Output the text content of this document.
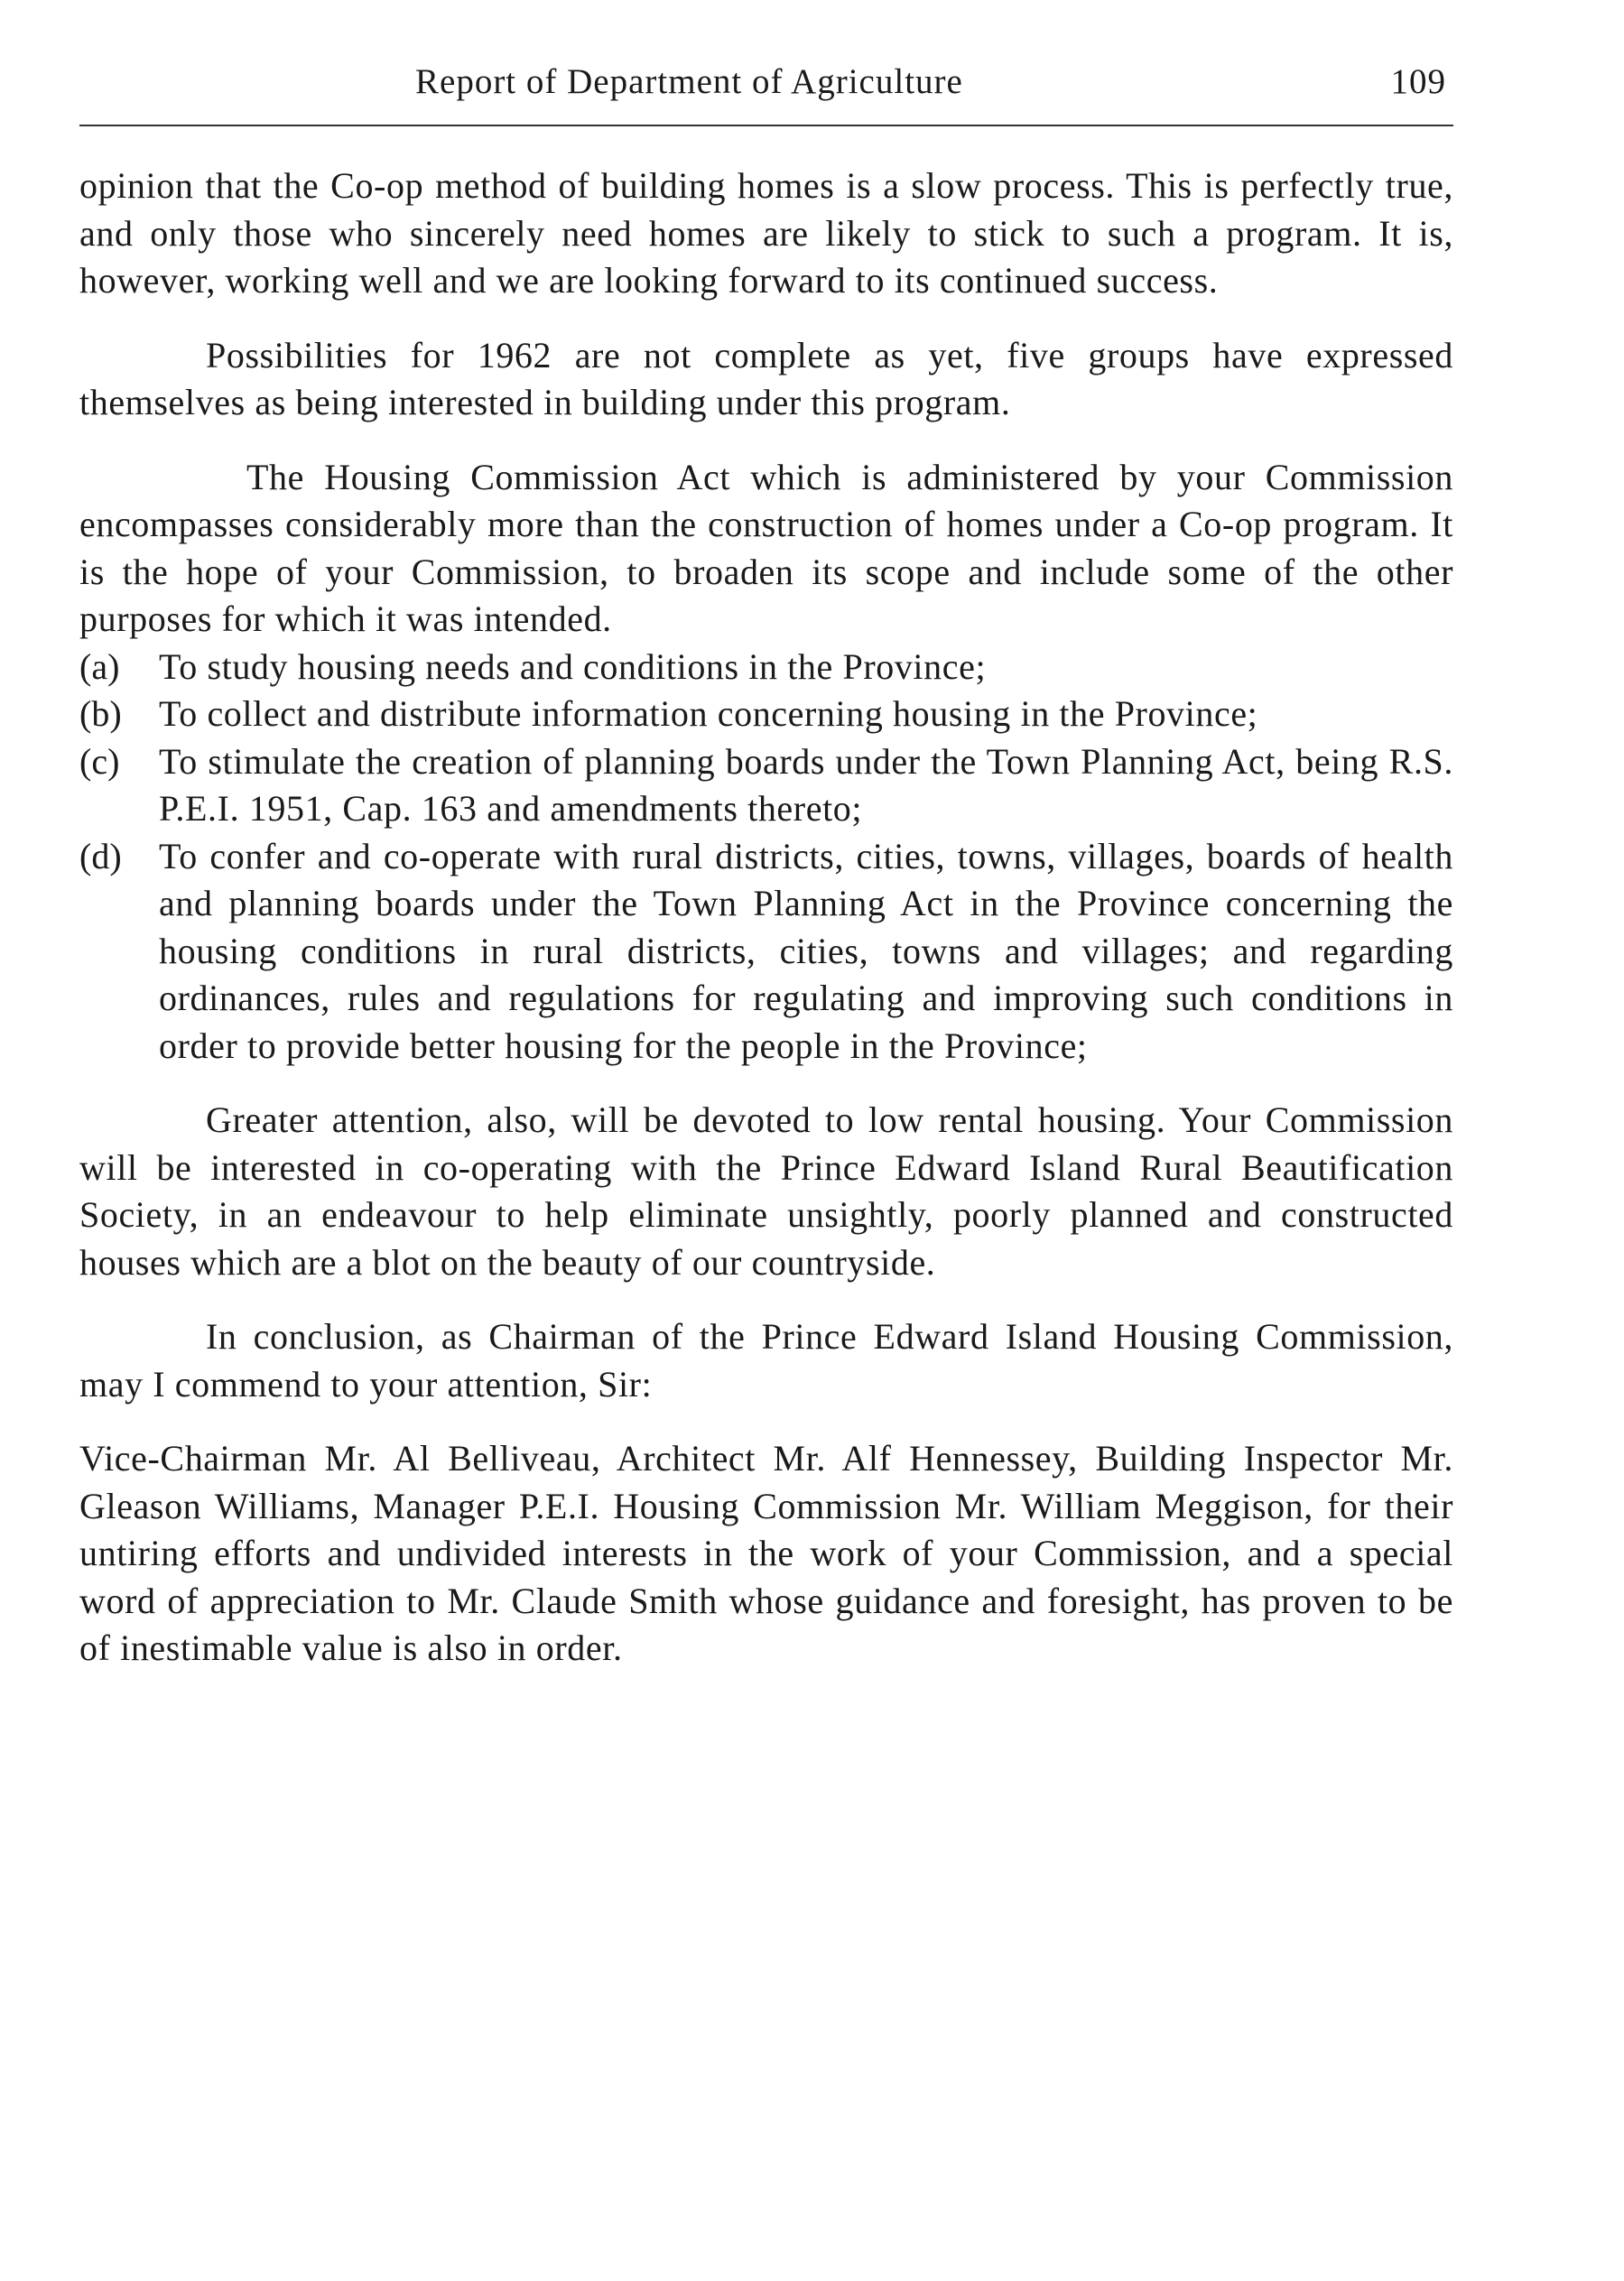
Report of Department of Agriculture	109

opinion that the Co-op method of building homes is a slow process. This is perfectly true, and only those who sincerely need homes are likely to stick to such a program. It is, however, working well and we are looking forward to its continued success.

Possibilities for 1962 are not complete as yet, five groups have expressed themselves as being interested in building under this program.

The Housing Commission Act which is administered by your Commission encompasses considerably more than the construction of homes under a Co-op program. It is the hope of your Commission, to broaden its scope and include some of the other purposes for which it was intended.

(a)	To study housing needs and conditions in the Province;
(b)	To collect and distribute information concerning housing in the Province;
(c)	To stimulate the creation of planning boards under the Town Planning Act, being R.S. P.E.I. 1951, Cap. 163 and amendments thereto;
(d)	To confer and co-operate with rural districts, cities, towns, villages, boards of health and planning boards under the Town Planning Act in the Province concerning the housing conditions in rural districts, cities, towns and villages; and regarding ordinances, rules and regulations for regulating and improving such conditions in order to provide better housing for the people in the Province;

Greater attention, also, will be devoted to low rental housing. Your Commission will be interested in co-operating with the Prince Edward Island Rural Beautification Society, in an endeavour to help eliminate unsightly, poorly planned and constructed houses which are a blot on the beauty of our countryside.

In conclusion, as Chairman of the Prince Edward Island Housing Commission, may I commend to your attention, Sir:

Vice-Chairman Mr. Al Belliveau, Architect Mr. Alf Hennessey, Building Inspector Mr. Gleason Williams, Manager P.E.I. Housing Commission Mr. William Meggison, for their untiring efforts and undivided interests in the work of your Commission, and a special word of appreciation to Mr. Claude Smith whose guidance and foresight, has proven to be of inestimable value is also in order.
